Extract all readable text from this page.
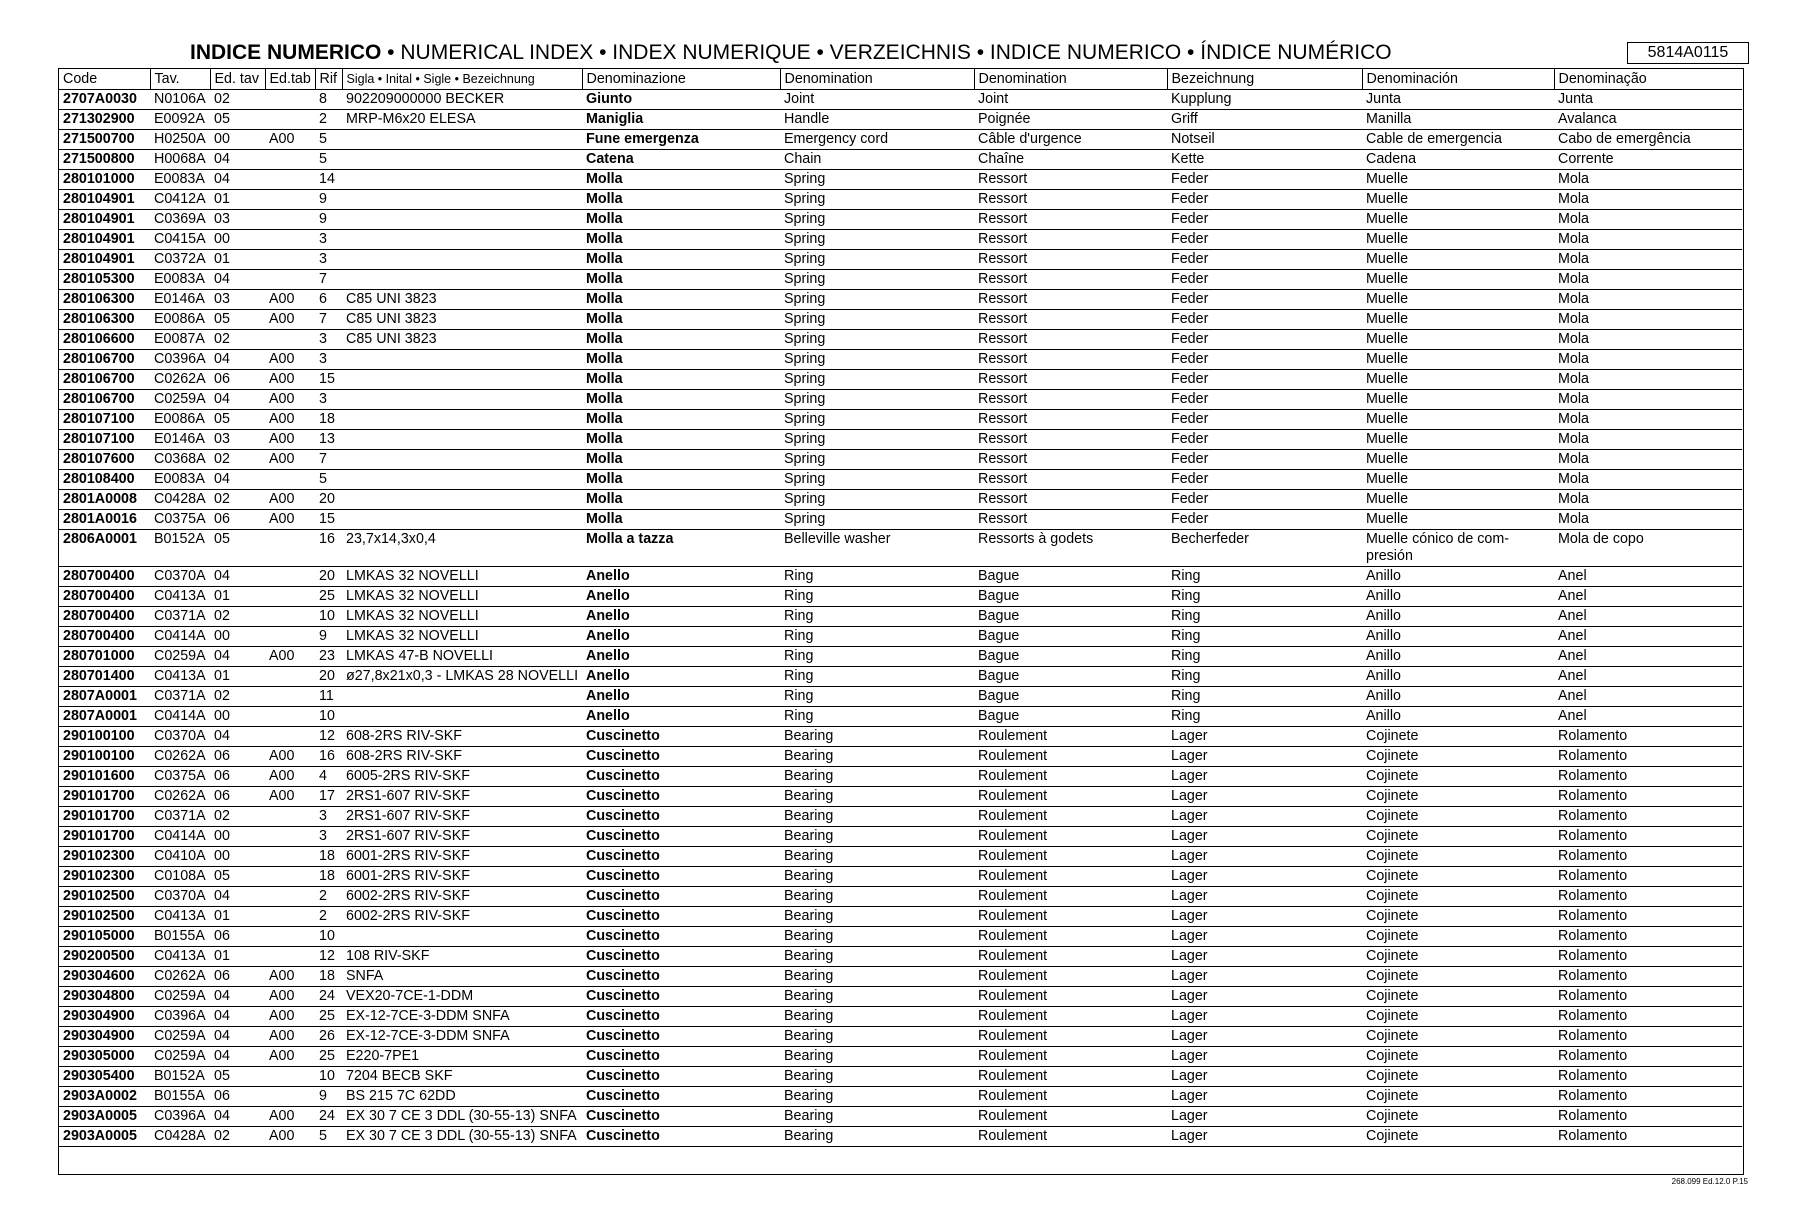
INDICE NUMERICO • NUMERICAL INDEX • INDEX NUMERIQUE • VERZEICHNIS • INDICE NUMERICO • ÍNDICE NUMÉRICO	5814A0115
Code	Tav.	Ed. tav	Ed.tab	Rif	Sigla • Inital • Sigle • Bezeichnung	Denominazione	Denomination	Denomination	Bezeichnung	Denominación	Denominação
2707A0030	N0106A	02		8	902209000000 BECKER	Giunto	Joint	Joint	Kupplung	Junta	Junta
271302900	E0092A	05		2	MRP-M6x20 ELESA	Maniglia	Handle	Poignée	Griff	Manilla	Avalanca
271500700	H0250A	00	A00	5		Fune emergenza	Emergency cord	Câble d'urgence	Notseil	Cable de emergencia	Cabo de emergência
271500800	H0068A	04		5		Catena	Chain	Chaîne	Kette	Cadena	Corrente
280101000	E0083A	04		14		Molla	Spring	Ressort	Feder	Muelle	Mola
280104901	C0412A	01		9		Molla	Spring	Ressort	Feder	Muelle	Mola
280104901	C0369A	03		9		Molla	Spring	Ressort	Feder	Muelle	Mola
280104901	C0415A	00		3		Molla	Spring	Ressort	Feder	Muelle	Mola
280104901	C0372A	01		3		Molla	Spring	Ressort	Feder	Muelle	Mola
280105300	E0083A	04		7		Molla	Spring	Ressort	Feder	Muelle	Mola
280106300	E0146A	03	A00	6	C85 UNI 3823	Molla	Spring	Ressort	Feder	Muelle	Mola
280106300	E0086A	05	A00	7	C85 UNI 3823	Molla	Spring	Ressort	Feder	Muelle	Mola
280106600	E0087A	02		3	C85 UNI 3823	Molla	Spring	Ressort	Feder	Muelle	Mola
280106700	C0396A	04	A00	3		Molla	Spring	Ressort	Feder	Muelle	Mola
280106700	C0262A	06	A00	15		Molla	Spring	Ressort	Feder	Muelle	Mola
280106700	C0259A	04	A00	3		Molla	Spring	Ressort	Feder	Muelle	Mola
280107100	E0086A	05	A00	18		Molla	Spring	Ressort	Feder	Muelle	Mola
280107100	E0146A	03	A00	13		Molla	Spring	Ressort	Feder	Muelle	Mola
280107600	C0368A	02	A00	7		Molla	Spring	Ressort	Feder	Muelle	Mola
280108400	E0083A	04		5		Molla	Spring	Ressort	Feder	Muelle	Mola
2801A0008	C0428A	02	A00	20		Molla	Spring	Ressort	Feder	Muelle	Mola
2801A0016	C0375A	06	A00	15		Molla	Spring	Ressort	Feder	Muelle	Mola
2806A0001	B0152A	05		16	23,7x14,3x0,4	Molla a tazza	Belleville washer	Ressorts à godets	Becherfeder	Muelle cónico de com-presión	Mola de copo
280700400	C0370A	04		20	LMKAS 32 NOVELLI	Anello	Ring	Bague	Ring	Anillo	Anel
280700400	C0413A	01		25	LMKAS 32 NOVELLI	Anello	Ring	Bague	Ring	Anillo	Anel
280700400	C0371A	02		10	LMKAS 32 NOVELLI	Anello	Ring	Bague	Ring	Anillo	Anel
280700400	C0414A	00		9	LMKAS 32 NOVELLI	Anello	Ring	Bague	Ring	Anillo	Anel
280701000	C0259A	04	A00	23	LMKAS 47-B NOVELLI	Anello	Ring	Bague	Ring	Anillo	Anel
280701400	C0413A	01		20	ø27,8x21x0,3 - LMKAS 28 NOVELLI	Anello	Ring	Bague	Ring	Anillo	Anel
2807A0001	C0371A	02		11		Anello	Ring	Bague	Ring	Anillo	Anel
2807A0001	C0414A	00		10		Anello	Ring	Bague	Ring	Anillo	Anel
290100100	C0370A	04		12	608-2RS RIV-SKF	Cuscinetto	Bearing	Roulement	Lager	Cojinete	Rolamento
290100100	C0262A	06	A00	16	608-2RS RIV-SKF	Cuscinetto	Bearing	Roulement	Lager	Cojinete	Rolamento
290101600	C0375A	06	A00	4	6005-2RS RIV-SKF	Cuscinetto	Bearing	Roulement	Lager	Cojinete	Rolamento
290101700	C0262A	06	A00	17	2RS1-607 RIV-SKF	Cuscinetto	Bearing	Roulement	Lager	Cojinete	Rolamento
290101700	C0371A	02		3	2RS1-607 RIV-SKF	Cuscinetto	Bearing	Roulement	Lager	Cojinete	Rolamento
290101700	C0414A	00		3	2RS1-607 RIV-SKF	Cuscinetto	Bearing	Roulement	Lager	Cojinete	Rolamento
290102300	C0410A	00		18	6001-2RS RIV-SKF	Cuscinetto	Bearing	Roulement	Lager	Cojinete	Rolamento
290102300	C0108A	05		18	6001-2RS RIV-SKF	Cuscinetto	Bearing	Roulement	Lager	Cojinete	Rolamento
290102500	C0370A	04		2	6002-2RS RIV-SKF	Cuscinetto	Bearing	Roulement	Lager	Cojinete	Rolamento
290102500	C0413A	01		2	6002-2RS RIV-SKF	Cuscinetto	Bearing	Roulement	Lager	Cojinete	Rolamento
290105000	B0155A	06		10		Cuscinetto	Bearing	Roulement	Lager	Cojinete	Rolamento
290200500	C0413A	01		12	108 RIV-SKF	Cuscinetto	Bearing	Roulement	Lager	Cojinete	Rolamento
290304600	C0262A	06	A00	18	SNFA	Cuscinetto	Bearing	Roulement	Lager	Cojinete	Rolamento
290304800	C0259A	04	A00	24	VEX20-7CE-1-DDM	Cuscinetto	Bearing	Roulement	Lager	Cojinete	Rolamento
290304900	C0396A	04	A00	25	EX-12-7CE-3-DDM SNFA	Cuscinetto	Bearing	Roulement	Lager	Cojinete	Rolamento
290304900	C0259A	04	A00	26	EX-12-7CE-3-DDM SNFA	Cuscinetto	Bearing	Roulement	Lager	Cojinete	Rolamento
290305000	C0259A	04	A00	25	E220-7PE1	Cuscinetto	Bearing	Roulement	Lager	Cojinete	Rolamento
290305400	B0152A	05		10	7204 BECB SKF	Cuscinetto	Bearing	Roulement	Lager	Cojinete	Rolamento
2903A0002	B0155A	06		9	BS 215 7C 62DD	Cuscinetto	Bearing	Roulement	Lager	Cojinete	Rolamento
2903A0005	C0396A	04	A00	24	EX 30 7 CE 3 DDL (30-55-13) SNFA	Cuscinetto	Bearing	Roulement	Lager	Cojinete	Rolamento
2903A0005	C0428A	02	A00	5	EX 30 7 CE 3 DDL (30-55-13) SNFA	Cuscinetto	Bearing	Roulement	Lager	Cojinete	Rolamento
268.099 Ed.12.0 P.15
